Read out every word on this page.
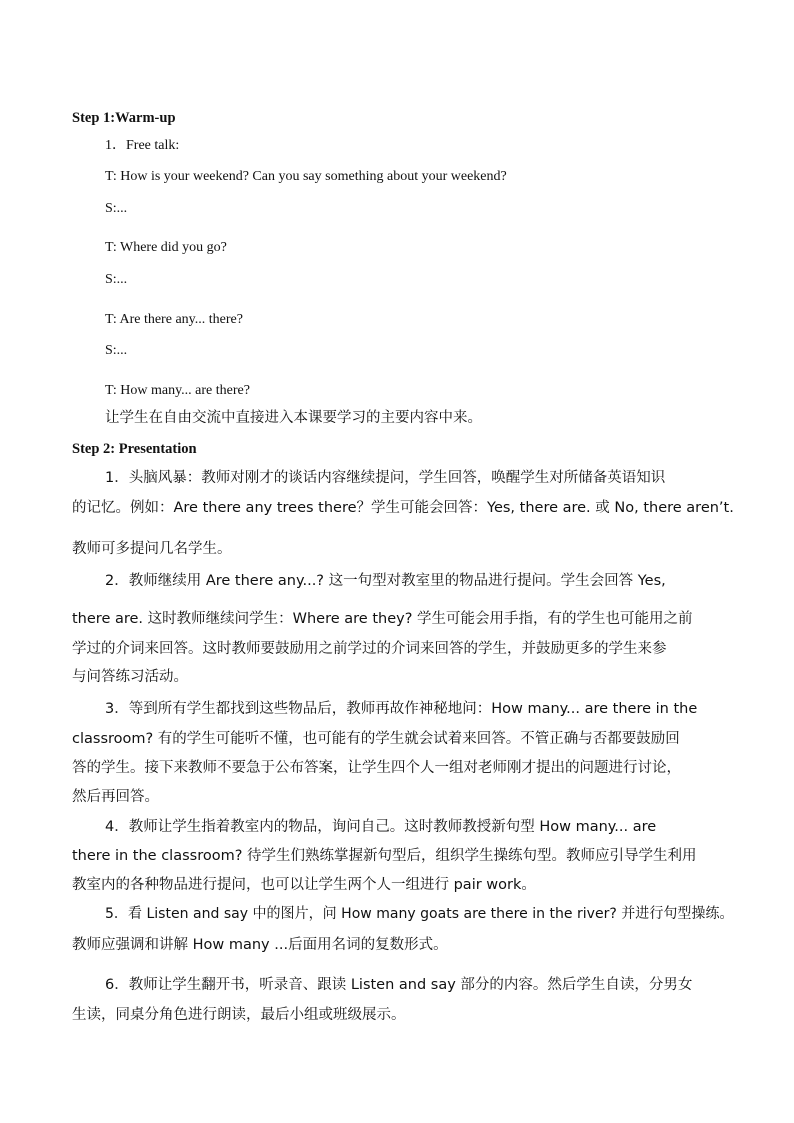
Step 1:Warm-up
1．Free talk:
T: How is your weekend? Can you say something about your weekend?
S:...
T: Where did you go?
S:...
T: Are there any... there?
S:...
T: How many... are there?
让学生在自由交流中直接进入本课要学习的主要内容中来。
Step 2: Presentation
1．头脑风暴：教师对刚才的谈话内容继续提问，学生回答，唤醒学生对所储备英语知识
的记忆。例如：Are there any trees there？学生可能会回答：Yes, there are. 或 No, there aren’t.
教师可多提问几名学生。
2．教师继续用 Are there any...? 这一句型对教室里的物品进行提问。学生会回答 Yes,
there are. 这时教师继续问学生：Where are they? 学生可能会用手指，有的学生也可能用之前
学过的介词来回答。这时教师要鼓励用之前学过的介词来回答的学生，并鼓励更多的学生来参
与问答练习活动。
3．等到所有学生都找到这些物品后，教师再故作神秘地问：How many... are there in the
classroom? 有的学生可能听不懂，也可能有的学生就会试着来回答。不管正确与否都要鼓励回
答的学生。接下来教师不要急于公布答案，让学生四个人一组对老师刚才提出的问题进行讨论，
然后再回答。
4．教师让学生指着教室内的物品，询问自己。这时教师教授新句型 How many... are
there in the classroom? 待学生们熟练掌握新句型后，组织学生操练句型。教师应引导学生利用
教室内的各种物品进行提问，也可以让学生两个人一组进行 pair work。
5．看 Listen and say 中的图片，问 How many goats are there in the river? 并进行句型操练。
教师应强调和讲解 How many ...后面用名词的复数形式。
6．教师让学生翻开书，听录音、跟读 Listen and say 部分的内容。然后学生自读，分男女
生读，同桌分角色进行朗读，最后小组或班级展示。
